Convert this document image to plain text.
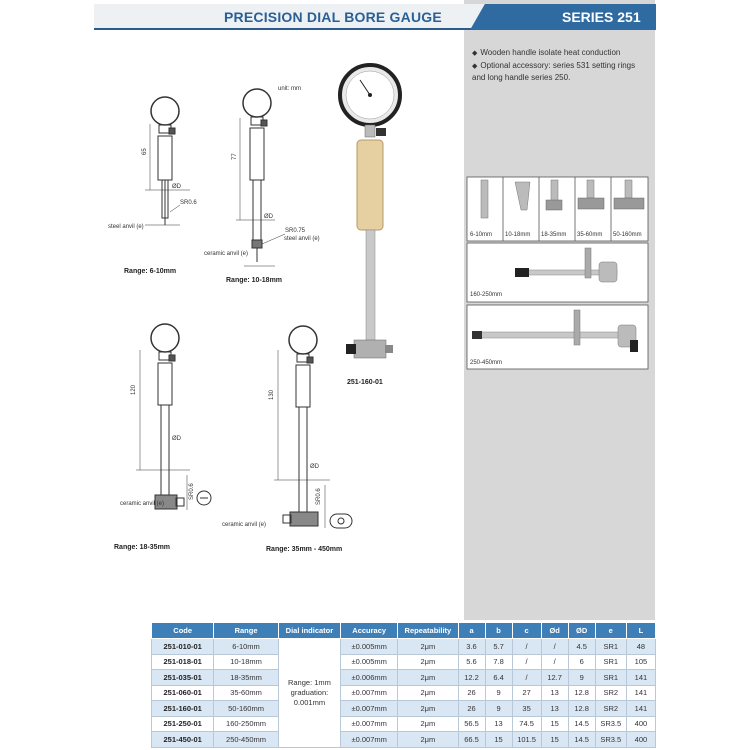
PRECISION DIAL BORE GAUGE	SERIES 251
◆ Wooden handle isolate heat conduction
◆ Optional accessory: series 531 setting rings and long handle series 250.
65
ØD
SR0.6
steel anvil (e)
Range: 6-10mm
unit: mm
77
ØD
SR0.75
steel anvil (e)
ceramic anvil (e)
Range: 10-18mm
120
ØD
SR0.6
ceramic anvil (e)
Range: 18-35mm
130
ØD
SR0.6
ceramic anvil (e)
Range: 35mm - 450mm
251-160-01
6-10mm 10-18mm 18-35mm 35-60mm 50-160mm
160-250mm
250-450mm
Code	Range	Dial indicator	Accuracy	Repeatability	a	b	c	Ød	ØD	e	L
251-010-01	6-10mm	Range: 1mm graduation: 0.001mm	±0.005mm	2μm	3.6	5.7	/	/	4.5	SR1	48
251-018-01	10-18mm		±0.005mm	2μm	5.6	7.8	/	/	6	SR1	105
251-035-01	18-35mm		±0.006mm	2μm	12.2	6.4	/	12.7	9	SR1	141
251-060-01	35-60mm		±0.007mm	2μm	26	9	27	13	12.8	SR2	141
251-160-01	50-160mm		±0.007mm	2μm	26	9	35	13	12.8	SR2	141
251-250-01	160-250mm		±0.007mm	2μm	56.5	13	74.5	15	14.5	SR3.5	400
251-450-01	250-450mm		±0.007mm	2μm	66.5	15	101.5	15	14.5	SR3.5	400
